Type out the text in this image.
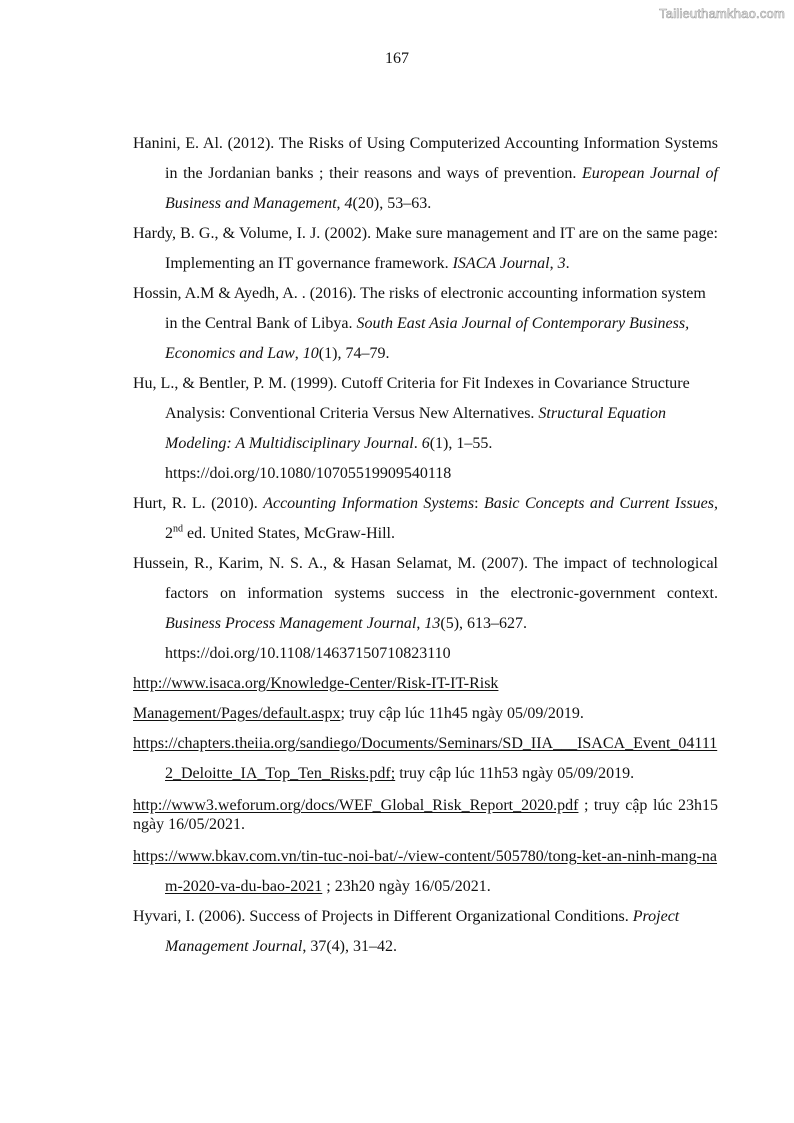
Tailieuthamkhao.com
167
Hanini, E. Al. (2012). The Risks of Using Computerized Accounting Information Systems in the Jordanian banks ; their reasons and ways of prevention. European Journal of Business and Management, 4(20), 53–63.
Hardy, B. G., & Volume, I. J. (2002). Make sure management and IT are on the same page: Implementing an IT governance framework. ISACA Journal, 3.
Hossin, A.M & Ayedh, A. . (2016). The risks of electronic accounting information system in the Central Bank of Libya. South East Asia Journal of Contemporary Business, Economics and Law, 10(1), 74–79.
Hu, L., & Bentler, P. M. (1999). Cutoff Criteria for Fit Indexes in Covariance Structure Analysis: Conventional Criteria Versus New Alternatives. Structural Equation Modeling: A Multidisciplinary Journal. 6(1), 1–55.
https://doi.org/10.1080/10705519909540118
Hurt, R. L. (2010). Accounting Information Systems: Basic Concepts and Current Issues, 2nd ed. United States, McGraw-Hill.
Hussein, R., Karim, N. S. A., & Hasan Selamat, M. (2007). The impact of technological factors on information systems success in the electronic-government context. Business Process Management Journal, 13(5), 613–627.
https://doi.org/10.1108/14637150710823110
http://www.isaca.org/Knowledge-Center/Risk-IT-IT-Risk
Management/Pages/default.aspx; truy cập lúc 11h45 ngày 05/09/2019.
https://chapters.theiia.org/sandiego/Documents/Seminars/SD_IIA___ISACA_Event_041112_Deloitte_IA_Top_Ten_Risks.pdf; truy cập lúc 11h53 ngày 05/09/2019.
http://www3.weforum.org/docs/WEF_Global_Risk_Report_2020.pdf ; truy cập lúc 23h15 ngày 16/05/2021.
https://www.bkav.com.vn/tin-tuc-noi-bat/-/view-content/505780/tong-ket-an-ninh-mang-nam-2020-va-du-bao-2021 ; 23h20 ngày 16/05/2021.
Hyvari, I. (2006). Success of Projects in Different Organizational Conditions. Project Management Journal, 37(4), 31–42.
